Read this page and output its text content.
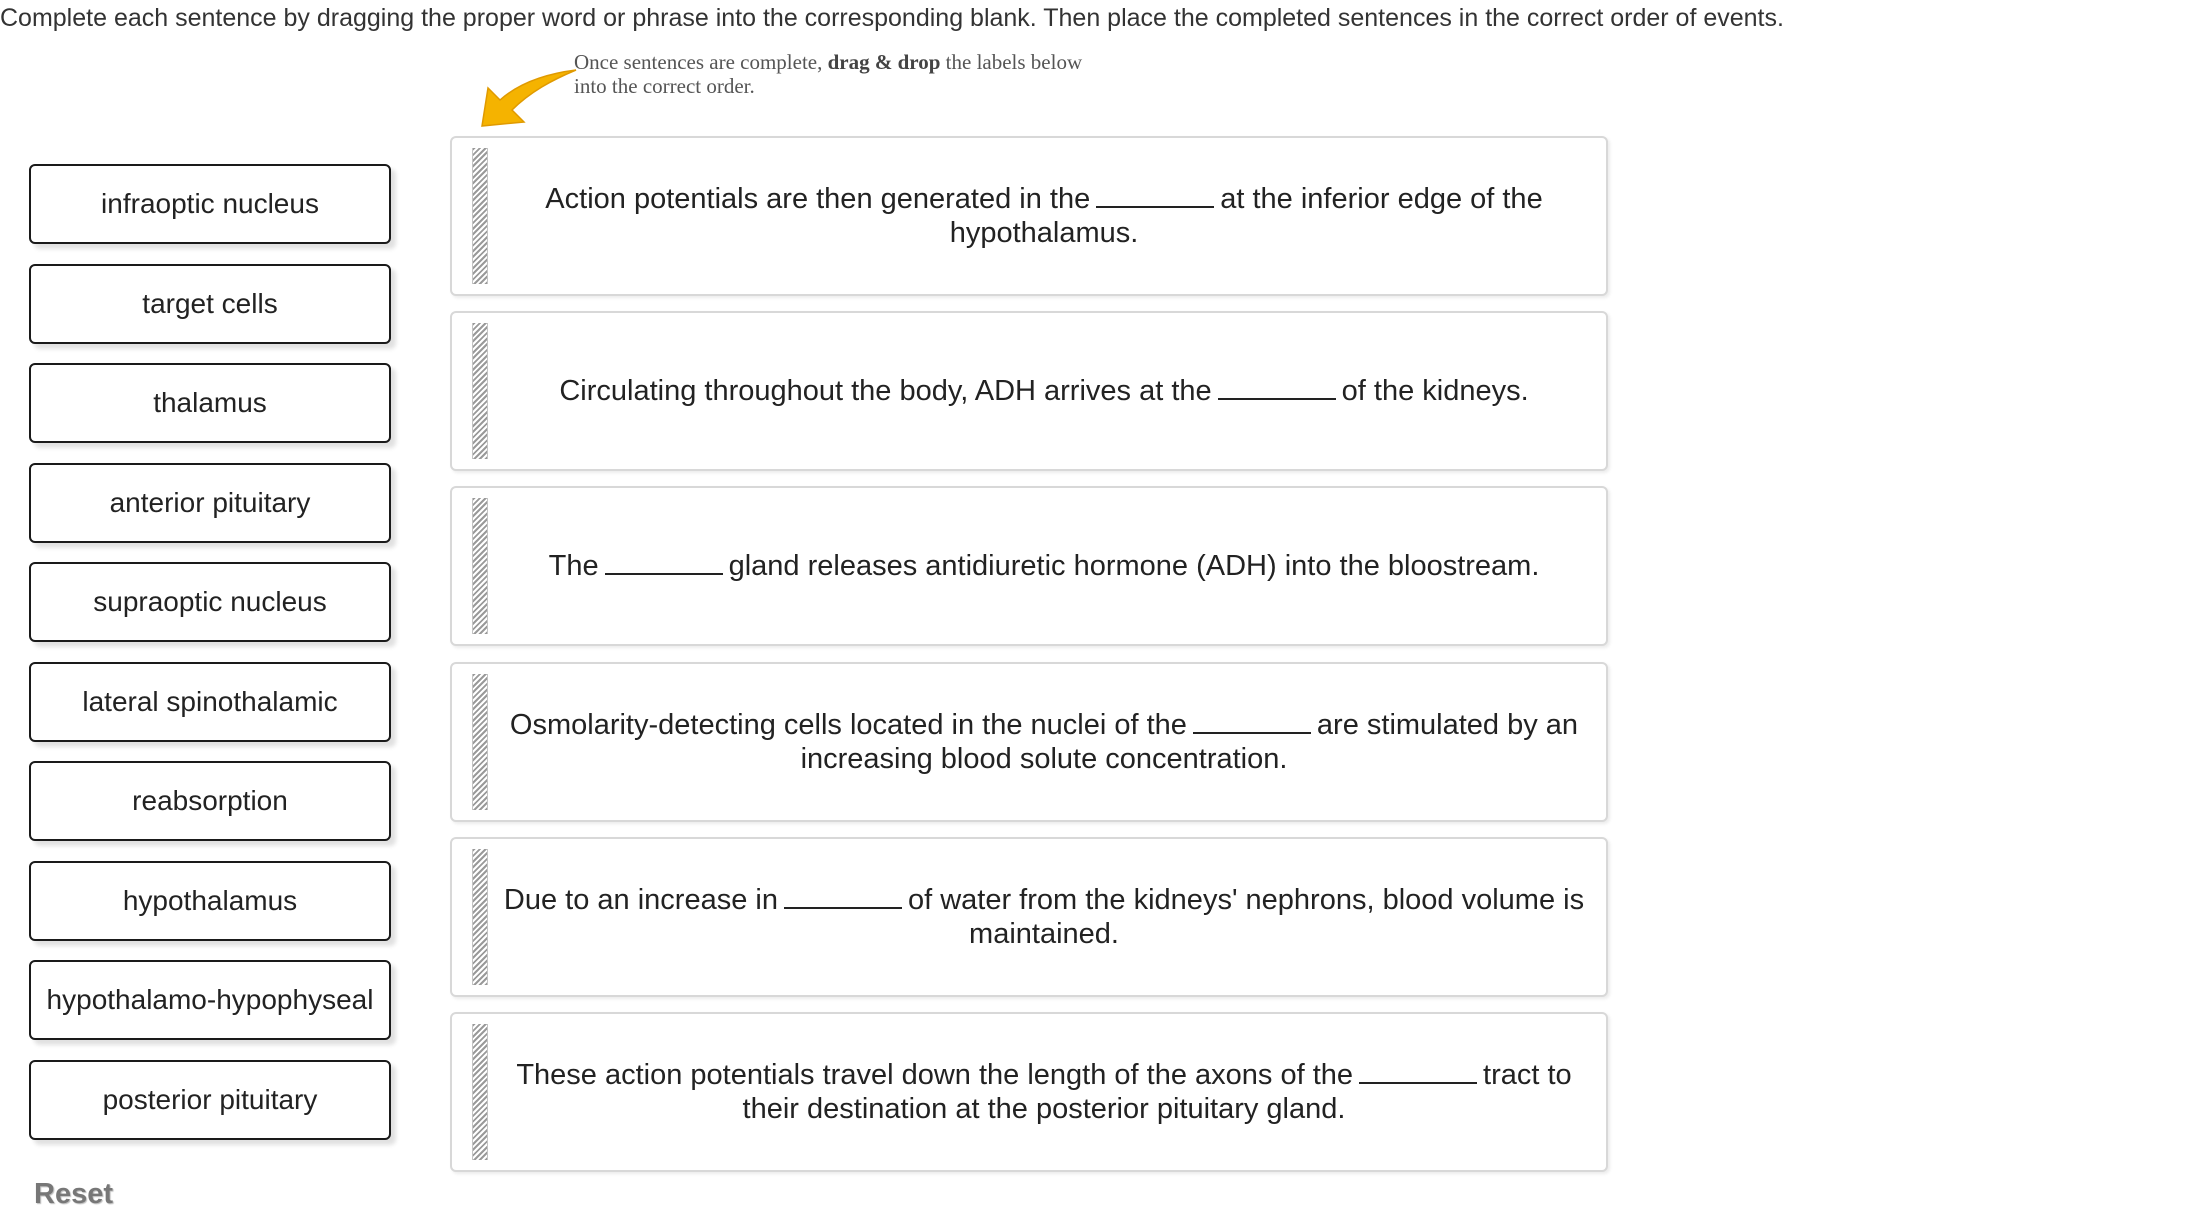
Complete each sentence by dragging the proper word or phrase into the corresponding blank. Then place the completed sentences in the correct order of events.
Once sentences are complete, drag & drop the labels below into the correct order.
infraoptic nucleus
target cells
thalamus
anterior pituitary
supraoptic nucleus
lateral spinothalamic
reabsorption
hypothalamus
hypothalamo-hypophyseal
posterior pituitary
Reset
Action potentials are then generated in the	at the inferior edge of the hypothalamus.
Circulating throughout the body, ADH arrives at the	of the kidneys.
The	gland releases antidiuretic hormone (ADH) into the bloostream.
Osmolarity-detecting cells located in the nuclei of the	are stimulated by an increasing blood solute concentration.
Due to an increase in	of water from the kidneys' nephrons, blood volume is maintained.
These action potentials travel down the length of the axons of the	tract to their destination at the posterior pituitary gland.
